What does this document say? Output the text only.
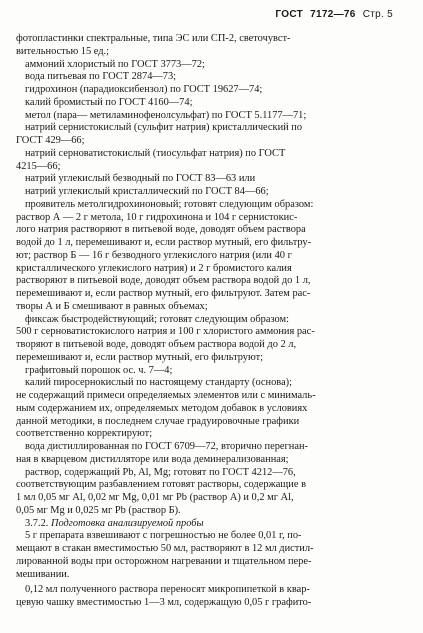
ГОСТ 7172—76 Стр. 5
фотопластинки спектральные, типа ЭС или СП-2, светочувст-
вительностью 15 ед.;
аммоний хлористый по ГОСТ 3773—72;
вода питьевая по ГОСТ 2874—73;
гидрохинон (парадиоксибензол) по ГОСТ 19627—74;
калий бромистый по ГОСТ 4160—74;
метол (пара— метиламинофенолсульфат) по ГОСТ 5.1177—71;
натрий сернистокислый (сульфит натрия) кристаллический по
ГОСТ 429—66;
натрий серноватистокислый (тиосульфат натрия) по ГОСТ
4215—66;
натрий углекислый безводный по ГОСТ 83—63 или
натрий углекислый кристаллический по ГОСТ 84—66;
проявитель метолгидрохиноновый; готовят следующим образом:
раствор А — 2 г метола, 10 г гидрохинона и 104 г сернистокис-
лого натрия растворяют в питьевой воде, доводят объем раствора
водой до 1 л, перемешивают и, если раствор мутный, его фильтру-
ют; раствор Б — 16 г безводного углекислого натрия (или 40 г
кристаллического углекислого натрия) и 2 г бромистого калия
растворяют в питьевой воде, доводят объем раствора водой до 1 л,
перемешивают и, если раствор мутный, его фильтруют. Затем рас-
творы А и Б смешивают в равных объемах;
фиксаж быстродействующий; готовят следующим образом:
500 г серноватистокислого натрия и 100 г хлористого аммония рас-
творяют в питьевой воде, доводят объем раствора водой до 2 л,
перемешивают и, если раствор мутный, его фильтруют;
графитовый порошок ос. ч. 7—4;
калий пиросернокислый по настоящему стандарту (основа);
не содержащий примеси определяемых элементов или с минималь-
ным содержанием их, определяемых методом добавок в условиях
данной методики, в последнем случае градуировочные графики
соответственно корректируют;
вода дистиллированная по ГОСТ 6709—72, вторично перегнан-
ная в кварцевом дистилляторе или вода деминерализованная;
раствор, содержащий Pb, Al, Mg; готовят по ГОСТ 4212—76,
соответствующим разбавлением готовят растворы, содержащие в
1 мл 0,05 мг Al, 0,02 мг Mg, 0,01 мг Pb (раствор А) и 0,2 мг Al,
0,05 мг Mg и 0,025 мг Pb (раствор Б).
3.7.2. Подготовка анализируемой пробы
5 г препарата взвешивают с погрешностью не более 0,01 г, по-
мещают в стакан вместимостью 50 мл, растворяют в 12 мл дистил-
лированной воды при осторожном нагревании и тщательном пере-
мешивании.
0,12 мл полученного раствора переносят микропипеткой в квар-
цевую чашку вместимостью 1—3 мл, содержащую 0,05 г графито-
